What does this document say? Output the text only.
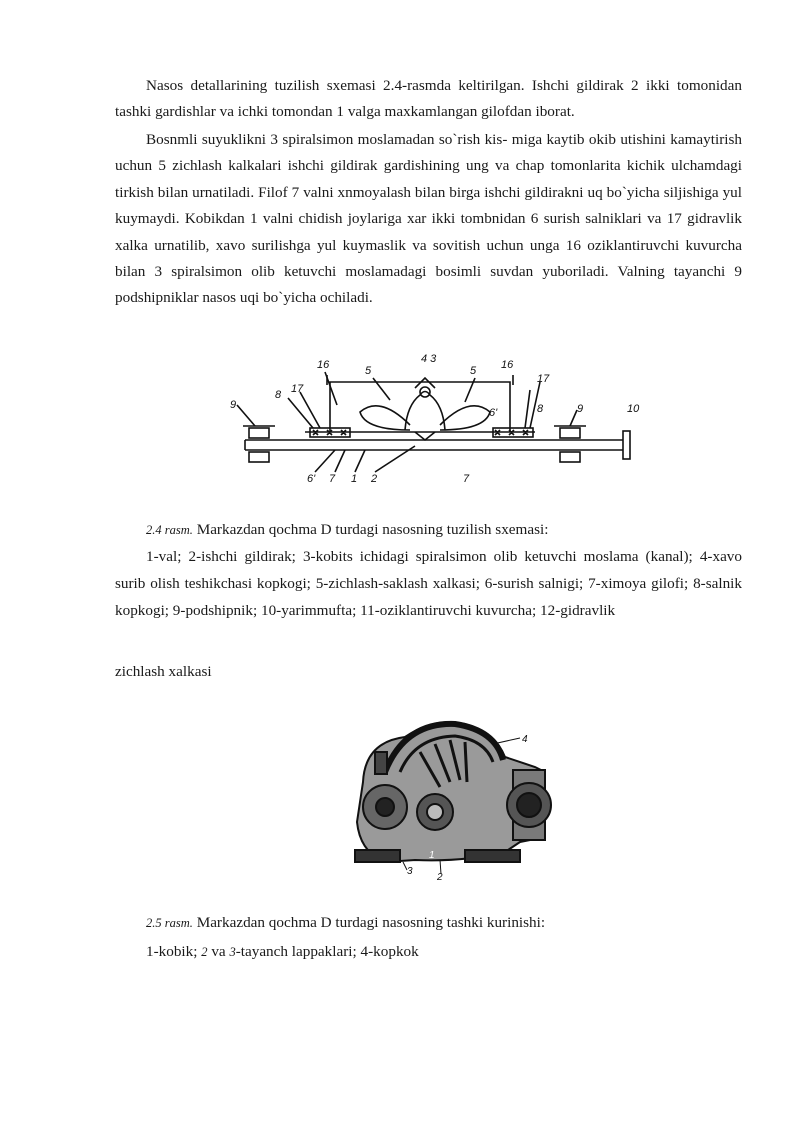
Nasos detallarining tuzilish sxemasi 2.4-rasmda keltirilgan. Ishchi gildirak 2 ikki tomonidan tashki gardishlar va ichki tomondan 1 valga maxkamlangan gilofdan iborat.

Bosnmli suyuklikni 3 spiralsimon moslamadan so`rish kis- miga kaytib okib utishini kamaytirish uchun 5 zichlash kalkalari ishchi gildirak gardishining ung va chap tomonlarita kichik ulchamdagi tirkish bilan urnatiladi. Filof 7 valni xnmoyalash bilan birga ishchi gildirakni uq bo`yicha siljishiga yul kuymaydi. Kobikdan 1 valni chidish joylariga xar ikki tombnidan 6 surish salniklari va 17 gidravlik xalka urnatilib, xavo surilishga yul kuymaslik va sovitish uchun unga 16 oziklantiruvchi kuvurcha bilan 3 spiralsimon olib ketuvchi moslamadagi bosimli suvdan yuboriladi. Valning tayanchi 9 podshipniklar nasos uqi bo`yicha ochiladi.

16	4 3	16
5	5
9
8 17
6'	8
17
9	10
6' 7 1 2	7

2.4 rasm. Markazdan qochma D turdagi nasosning tuzilish sxemasi:

1-val; 2-ishchi gildirak; 3-kobits ichidagi spiralsimon olib ketuvchi moslama (kanal); 4-xavo surib olish teshikchasi kopkogi; 5-zichlash-saklash xalkasi; 6-surish salnigi; 7-ximoya gilofi; 8-salnik kopkogi; 9-podshipnik; 10-yarimmufta; 11-oziklantiruvchi kuvurcha; 12-gidravlik

zichlash xalkasi

4
3
1
2

2.5 rasm. Markazdan qochma D turdagi nasosning tashki kurinishi:

1-kobik; 2 va 3-tayanch lappaklari; 4-kopkok
